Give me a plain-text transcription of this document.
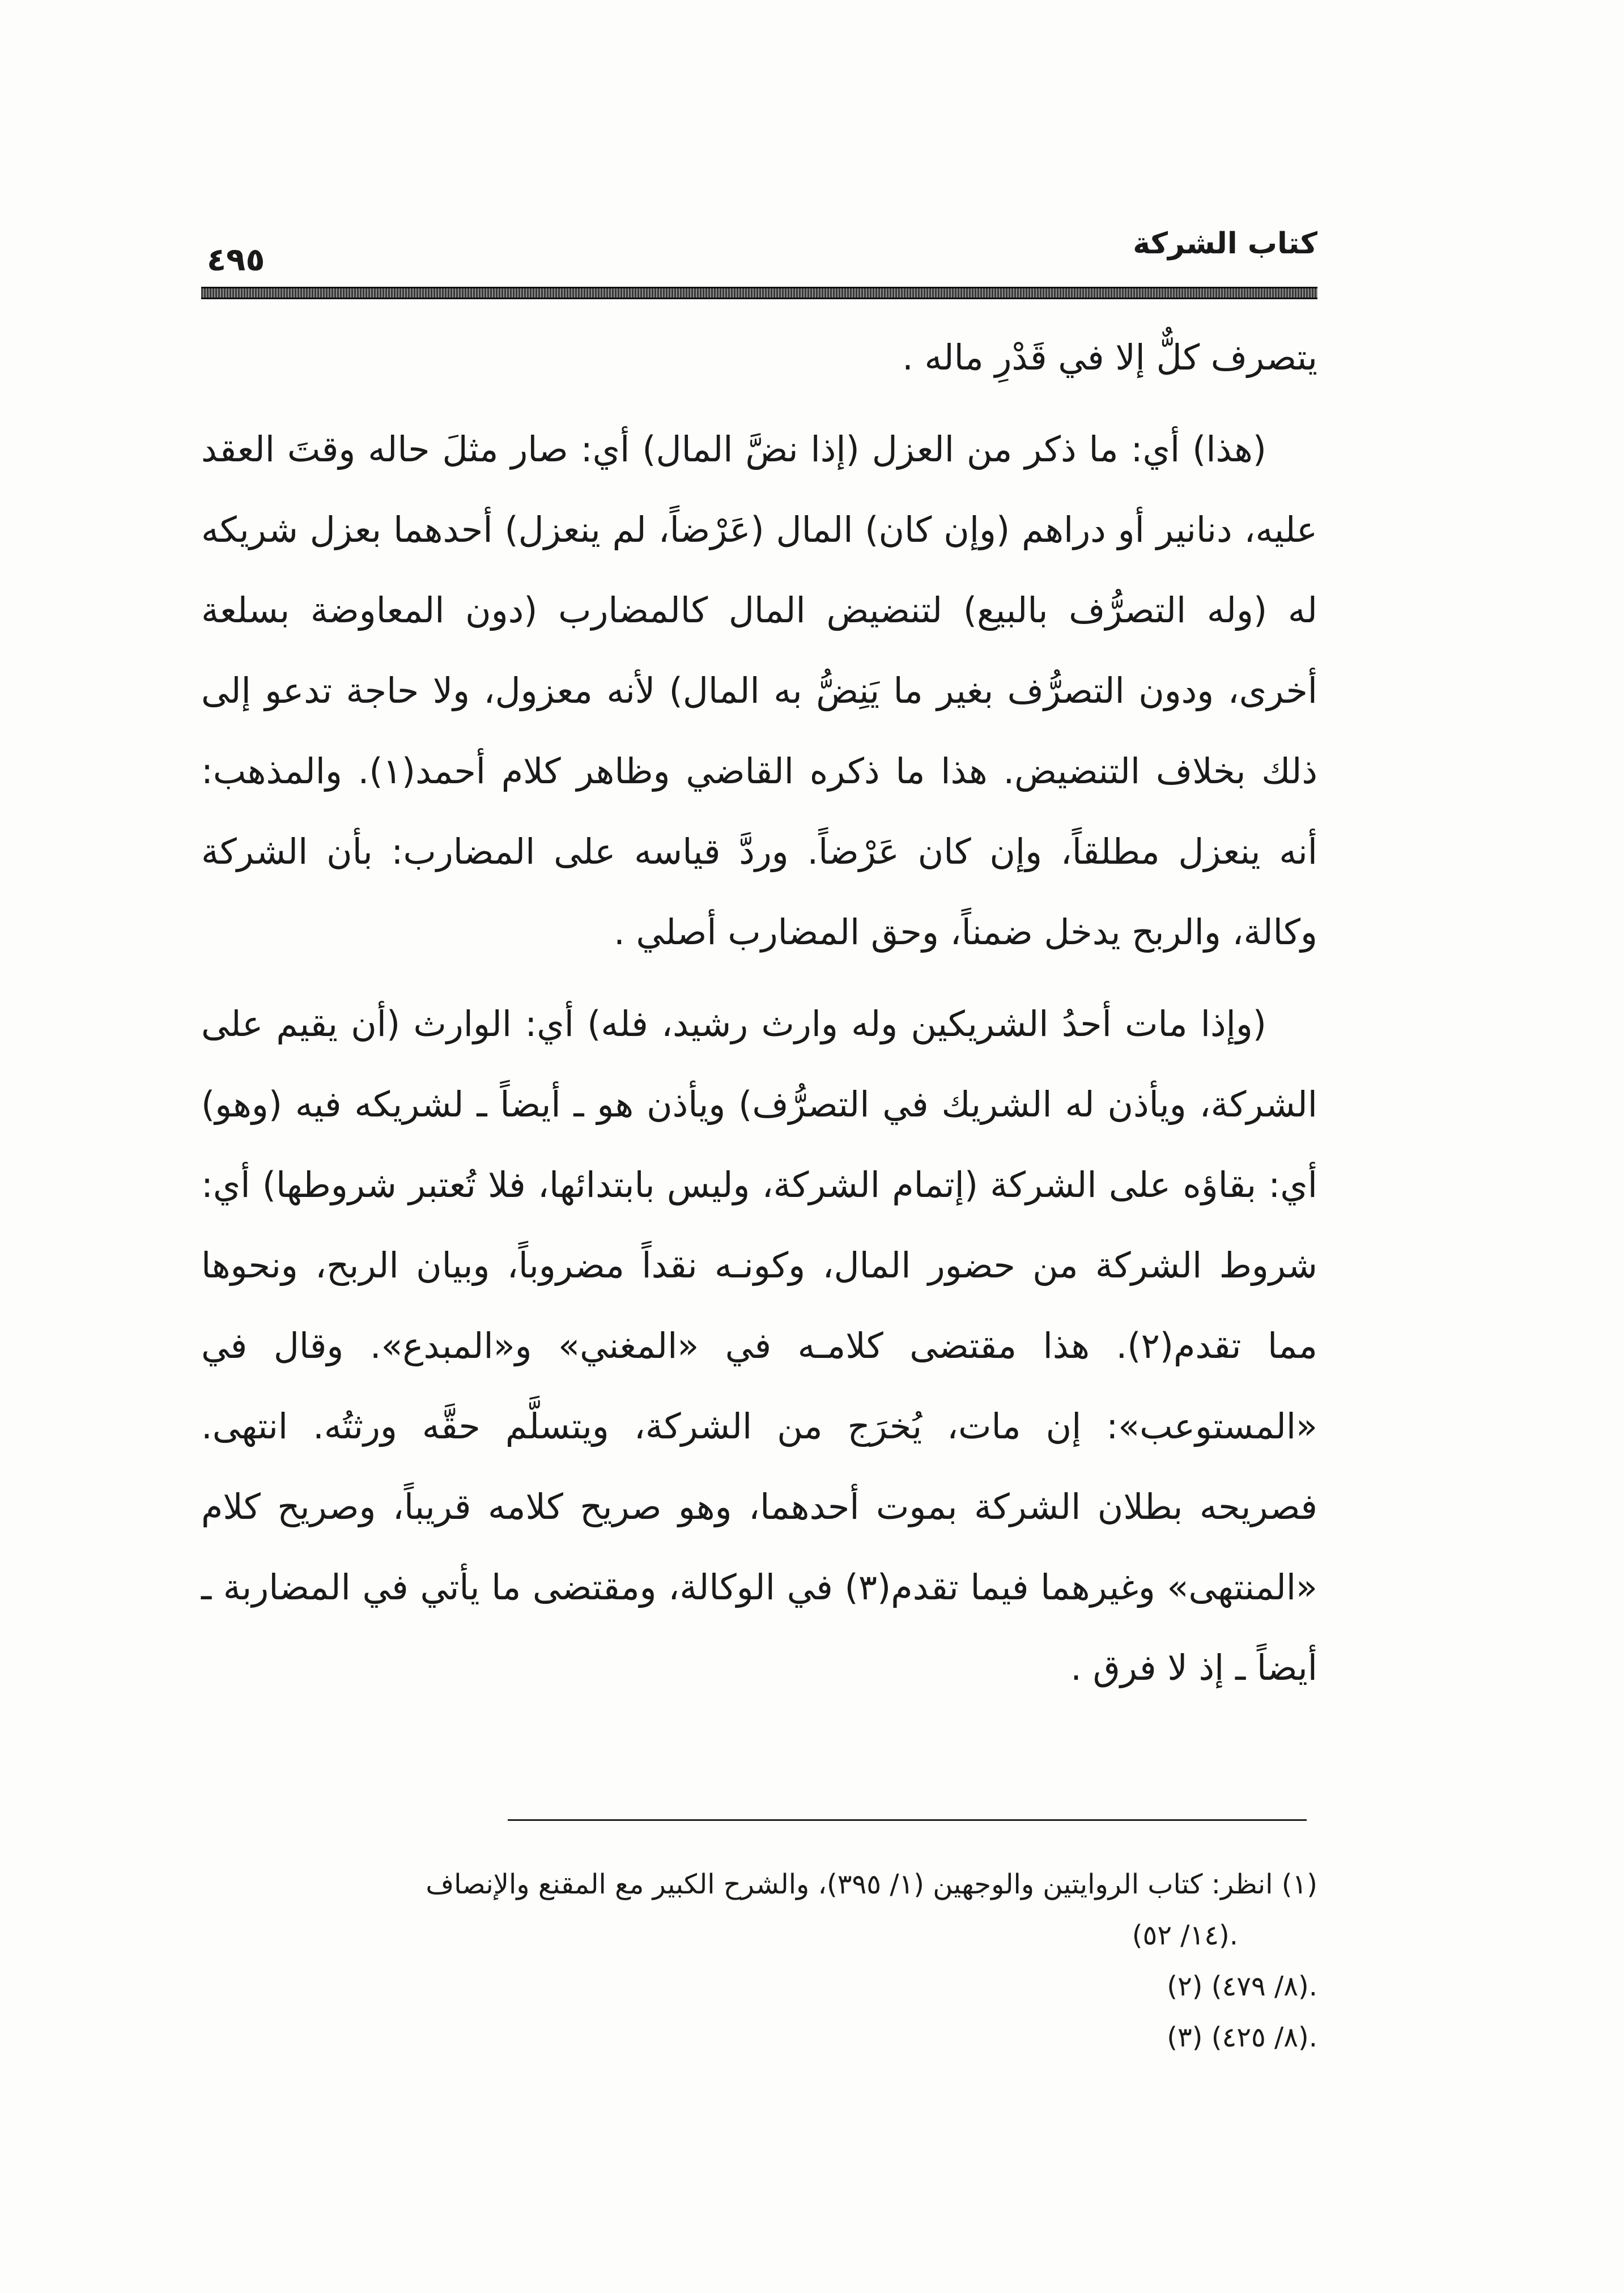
كتاب الشركة
٤٩٥

يتصرف كلٌّ إلا في قَدْرِ ماله .

(هذا) أي: ما ذكر من العزل (إذا نضَّ المال) أي: صار مثلَ حاله وقتَ العقد عليه، دنانير أو دراهم (وإن كان) المال (عَرْضاً، لم ينعزل) أحدهما بعزل شريكه له (وله التصرُّف بالبيع) لتنضيض المال كالمضارب (دون المعاوضة بسلعة أخرى، ودون التصرُّف بغير ما يَنِضُّ به المال) لأنه معزول، ولا حاجة تدعو إلى ذلك بخلاف التنضيض. هذا ما ذكره القاضي وظاهر كلام أحمد(١). والمذهب: أنه ينعزل مطلقاً، وإن كان عَرْضاً. وردَّ قياسه على المضارب: بأن الشركة وكالة، والربح يدخل ضمناً، وحق المضارب أصلي .

(وإذا مات أحدُ الشريكين وله وارث رشيد، فله) أي: الوارث (أن يقيم على الشركة، ويأذن له الشريك في التصرُّف) ويأذن هو ـ أيضاً ـ لشريكه فيه (وهو) أي: بقاؤه على الشركة (إتمام الشركة، وليس بابتدائها، فلا تُعتبر شروطها) أي: شروط الشركة من حضور المال، وكونـه نقداً مضروباً، وبيان الربح، ونحوها مما تقدم(٢). هذا مقتضى كلامـه في «المغني» و«المبدع». وقال في «المستوعب»: إن مات، يُخرَج من الشركة، ويتسلَّم حقَّه ورثتُه. انتهى. فصريحه بطلان الشركة بموت أحدهما، وهو صريح كلامه قريباً، وصريح كلام «المنتهى» وغيرهما فيما تقدم(٣) في الوكالة، ومقتضى ما يأتي في المضاربة ـ أيضاً ـ إذ لا فرق .

(١) انظر: كتاب الروايتين والوجهين (١/ ٣٩٥)، والشرح الكبير مع المقنع والإنصاف
.(١٤/ ٥٢)
.(٨/ ٤٧٩) (٢)
.(٨/ ٤٢٥) (٣)
